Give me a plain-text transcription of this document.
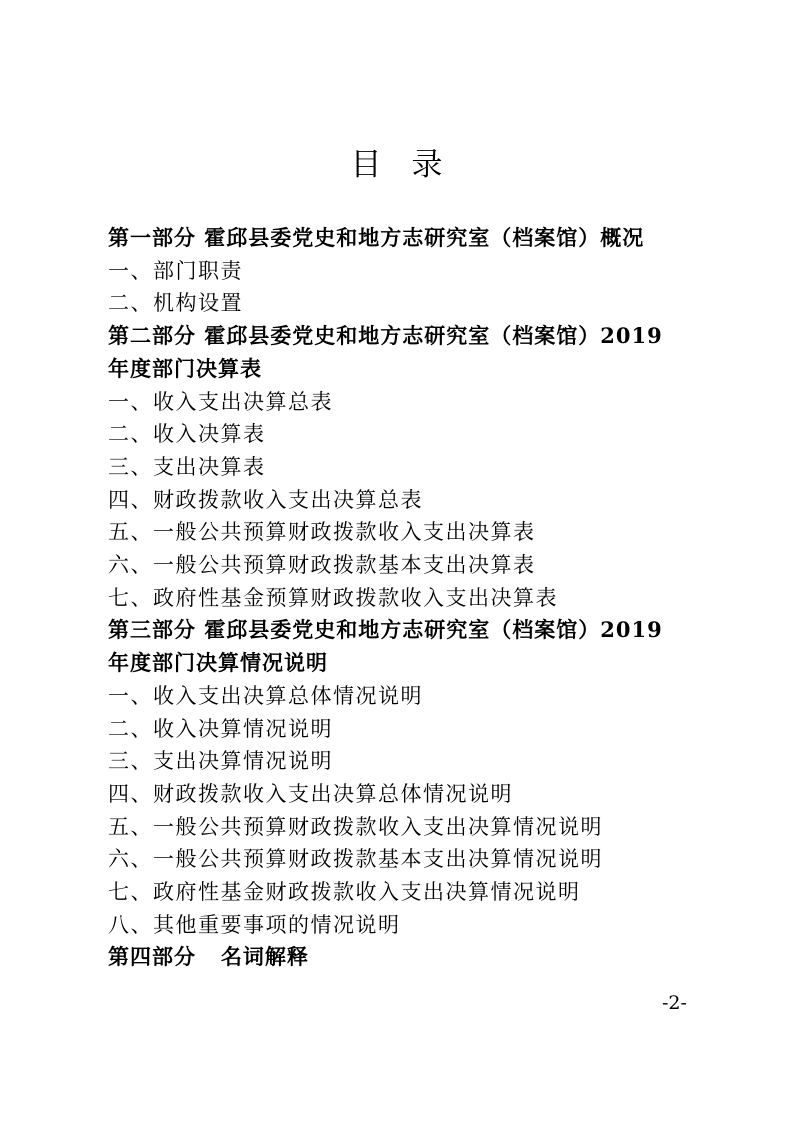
目录
第一部分 霍邱县委党史和地方志研究室（档案馆）概况
一、部门职责
二、机构设置
第二部分 霍邱县委党史和地方志研究室（档案馆）2019
年度部门决算表
一、收入支出决算总表
二、收入决算表
三、支出决算表
四、财政拨款收入支出决算总表
五、一般公共预算财政拨款收入支出决算表
六、一般公共预算财政拨款基本支出决算表
七、政府性基金预算财政拨款收入支出决算表
第三部分 霍邱县委党史和地方志研究室（档案馆）2019
年度部门决算情况说明
一、收入支出决算总体情况说明
二、收入决算情况说明
三、支出决算情况说明
四、财政拨款收入支出决算总体情况说明
五、一般公共预算财政拨款收入支出决算情况说明
六、一般公共预算财政拨款基本支出决算情况说明
七、政府性基金财政拨款收入支出决算情况说明
八、其他重要事项的情况说明
第四部分   名词解释
-2-
